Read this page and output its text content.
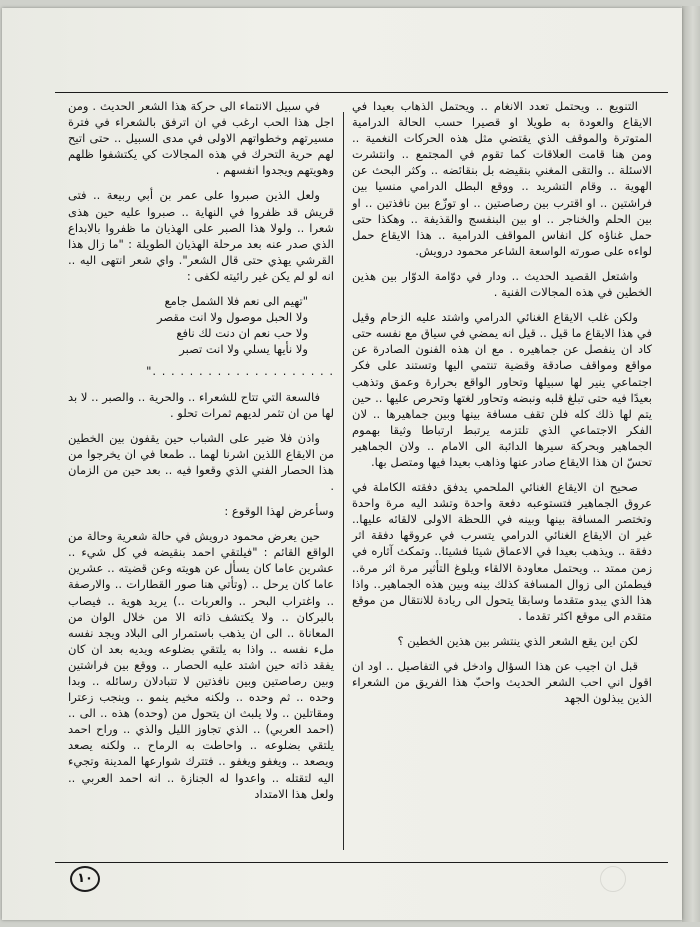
التنويع .. ويحتمل تعدد الانغام .. ويحتمل الذهاب بعيدا في الايقاع والعودة به طويلا او قصيرا حسب الحالة الدرامية المتوترة والموقف الذي يقتضي مثل هذه الحركات النغمية .. ومن هنا قامت العلاقات كما تقوم في المجتمع .. وانتشرت الاسئلة .. والتقى المغني بنقيضه بل بنقائضه .. وكثر البحث عن الهوية .. وقام التشريد .. ووقع البطل الدرامي منسيا بين فراشتين .. او اقترب بين رصاصتين .. او توزّع بين نافذتين .. او بين الحلم والخناجر .. او بين البنفسج والقذيفة .. وهكذا حتى حمل غناؤه كل انفاس المواقف الدرامية .. هذا الايقاع حمل لواءه على صورته الواسعة الشاعر محمود درويش.

واشتعل القصيد الحديث .. ودار في دوّامة الدوّار بين هذين الخطين في هذه المجالات الفنية .

ولكن غلب الايقاع الغنائي الدرامي واشتد عليه الزحام وقيل في هذا الايقاع ما قيل .. قيل انه يمضي في سياق مع نفسه حتى كاد ان ينفصل عن جماهيره . مع ان هذه الفنون الصادرة عن مواقع ومواقف صادقة وقضية تنتمي اليها وتستند على فكر اجتماعي ينير لها سبيلها وتحاور الواقع بحرارة وعمق وتذهب بعيدًا فيه حتى تبلغ قلبه ونبضه وتحاور لغتها وتحرص عليها .. حين يتم لها ذلك كله فلن تقف مسافة بينها وبين جماهيرها .. لان الفكر الاجتماعي الذي تلتزمه يرتبط ارتباطا وثيقا بهموم الجماهير وبحركة سيرها الدائبة الى الامام .. ولان الجماهير تحسّ ان هذا الايقاع صادر عنها وذاهب بعيدا فيها ومتصل بها.

صحيح ان الايقاع الغنائي الملحمي يدفق دفقته الكاملة في عروق الجماهير فتستوعبه دفعة واحدة وتشد اليه مرة واحدة وتختصر المسافة بينها وبينه في اللحظة الاولى لالقائه عليها.. غير ان الايقاع الغنائي الدرامي يتسرب في عروقها دفقة اثر دفقة .. ويذهب بعيدا في الاعماق شيئا فشيئا.. وتمكث آثاره في زمن ممتد .. ويحتمل معاودة الالقاء ويلوغ التأثير مرة اثر مرة.. فيطمئن الى زوال المسافة كذلك بينه وبين هذه الجماهير.. واذا هذا الذي يبدو متقدما وسابقا يتحول الى ريادة للانتقال من موقع متقدم الى موقع اكثر تقدما .

لكن اين يقع الشعر الذي ينتشر بين هذين الخطين ؟

قبل ان اجيب عن هذا السؤال وادخل في التفاصيل .. اود ان اقول اني احب الشعر الحديث واحبّ هذا الفريق من الشعراء الذين يبذلون الجهد

في سبيل الانتماء الى حركة هذا الشعر الحديث . ومن اجل هذا الحب ارغب في ان اترفق بالشعراء في فترة مسيرتهم وخطواتهم الاولى في مدى السبيل .. حتى اتيح لهم حرية التحرك في هذه المجالات كي يكتشفوا ظلهم وهويتهم ويجدوا انفسهم .

ولعل الذين صبروا على عمر بن أبي ربيعة .. فتى قريش قد ظفروا في النهاية .. صبروا عليه حين هذى شعرا .. ولولا هذا الصبر على الهذيان ما ظفروا بالابداع الذي صدر عنه بعد مرحلة الهذيان الطويلة : "ما زال هذا القرشي يهذي حتى قال الشعر". واي شعر انتهى اليه .. انه لو لم يكن غير رائيته لكفى :

"تهيم الى نعم فلا الشمل جامع
ولا الحبل موصول ولا انت مقصر
ولا حب نعم ان دنت لك نافع
ولا نأيها يسلي ولا انت تصبر
. . . . . . . . . . . . . . . . . . . ."

فالسعة التي تتاح للشعراء .. والحرية .. والصبر .. لا بد لها من ان تثمر لديهم ثمرات تحلو .

واذن فلا ضير على الشباب حين يقفون بين الخطين من الايقاع اللذين اشرنا لهما .. طمعا في ان يخرجوا من هذا الحصار الفني الذي وقعوا فيه .. بعد حين من الزمان .

وسأعرض لهذا الوقوع :

حين يعرض محمود درويش في حالة شعرية وحالة من الواقع القائم : "فيلتقي احمد بنقيضه في كل شيء .. عشرين عاما كان يسأل عن هويته وعن قضيته .. عشرين عاما كان يرحل .. (وتأتي هنا صور القطارات .. والارصفة .. واغتراب البحر .. والعربات ..) يريد هوية .. فيصاب بالبركان .. ولا يكتشف ذاته الا من خلال الوان من المعاناة .. الى ان يذهب باستمرار الى البلاد ويجد نفسه مل‌ء نفسه .. واذا به يلتقي بضلوعه ويديه بعد ان كان يفقد ذاته حين اشتد عليه الحصار .. ووقع بين فراشتين وبين رصاصتين وبين نافذتين لا تتبادلان رسائله .. وبدا وحده .. ثم وحده .. ولكنه مخيم ينمو .. وينجب زعترا ومقاتلين .. ولا يلبث ان يتحول من (وحده) هذه .. الى .. (احمد العربي) .. الذي تجاوز الليل والذي .. وراح احمد يلتقي بضلوعه .. واحاطت به الرماح .. ولكنه يصعد ويصعد .. ويغفو ويغفو .. فتترك شوارعها المدينة وتجيء اليه لتقتله .. واعدوا له الجنازة .. انه احمد العربي .. ولعل هذا الامتداد

١٠
